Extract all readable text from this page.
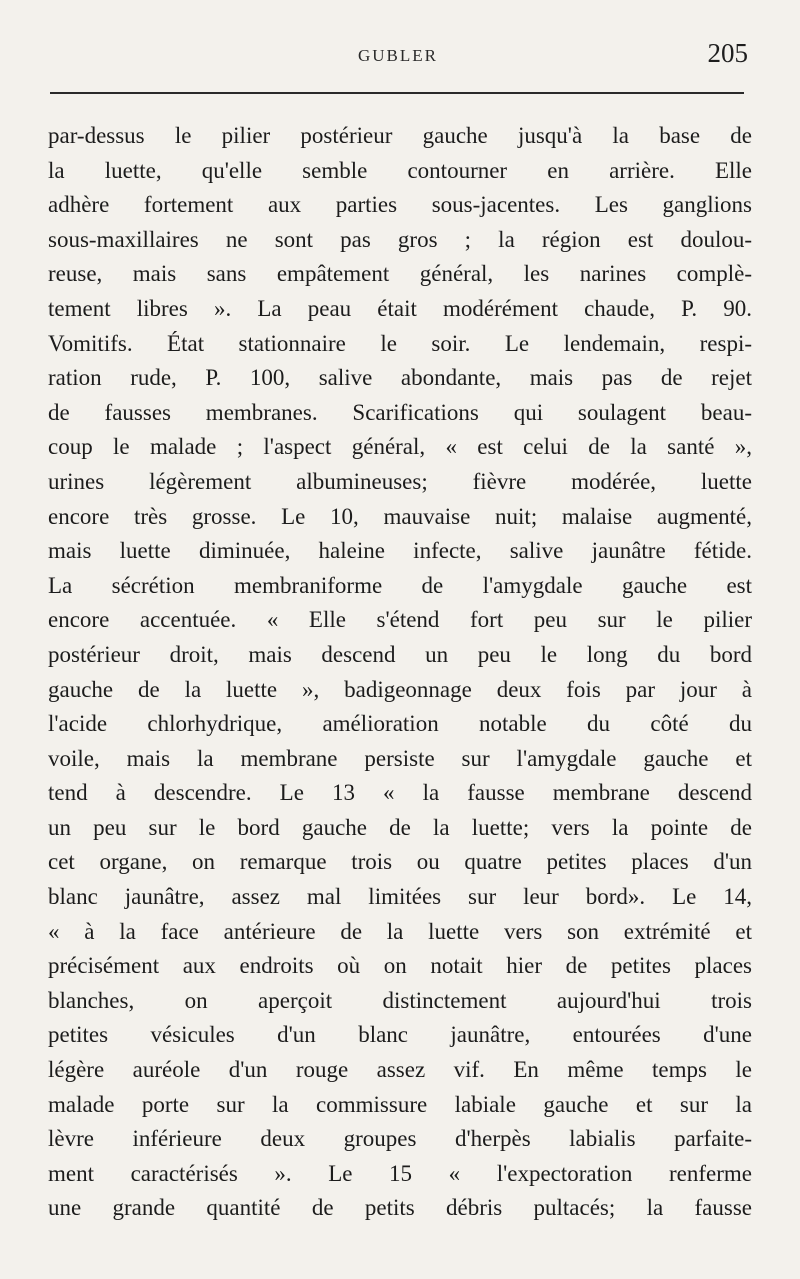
GUBLER	205
par-dessus le pilier postérieur gauche jusqu'à la base de
la luette, qu'elle semble contourner en arrière. Elle
adhère fortement aux parties sous-jacentes. Les ganglions
sous-maxillaires ne sont pas gros ; la région est doulou-
reuse, mais sans empâtement général, les narines complè-
tement libres ». La peau était modérément chaude, P. 90.
Vomitifs. État stationnaire le soir. Le lendemain, respi-
ration rude, P. 100, salive abondante, mais pas de rejet
de fausses membranes. Scarifications qui soulagent beau-
coup le malade ; l'aspect général, « est celui de la santé »,
urines légèrement albumineuses; fièvre modérée, luette
encore très grosse. Le 10, mauvaise nuit; malaise augmenté,
mais luette diminuée, haleine infecte, salive jaunâtre fétide.
La sécrétion membraniforme de l'amygdale gauche est
encore accentuée. « Elle s'étend fort peu sur le pilier
postérieur droit, mais descend un peu le long du bord
gauche de la luette », badigeonnage deux fois par jour à
l'acide chlorhydrique, amélioration notable du côté du
voile, mais la membrane persiste sur l'amygdale gauche et
tend à descendre. Le 13 « la fausse membrane descend
un peu sur le bord gauche de la luette; vers la pointe de
cet organe, on remarque trois ou quatre petites places d'un
blanc jaunâtre, assez mal limitées sur leur bord». Le 14,
« à la face antérieure de la luette vers son extrémité et
précisément aux endroits où on notait hier de petites places
blanches, on aperçoit distinctement aujourd'hui trois
petites vésicules d'un blanc jaunâtre, entourées d'une
légère auréole d'un rouge assez vif. En même temps le
malade porte sur la commissure labiale gauche et sur la
lèvre inférieure deux groupes d'herpès labialis parfaite-
ment caractérisés ». Le 15 « l'expectoration renferme
une grande quantité de petits débris pultacés; la fausse
